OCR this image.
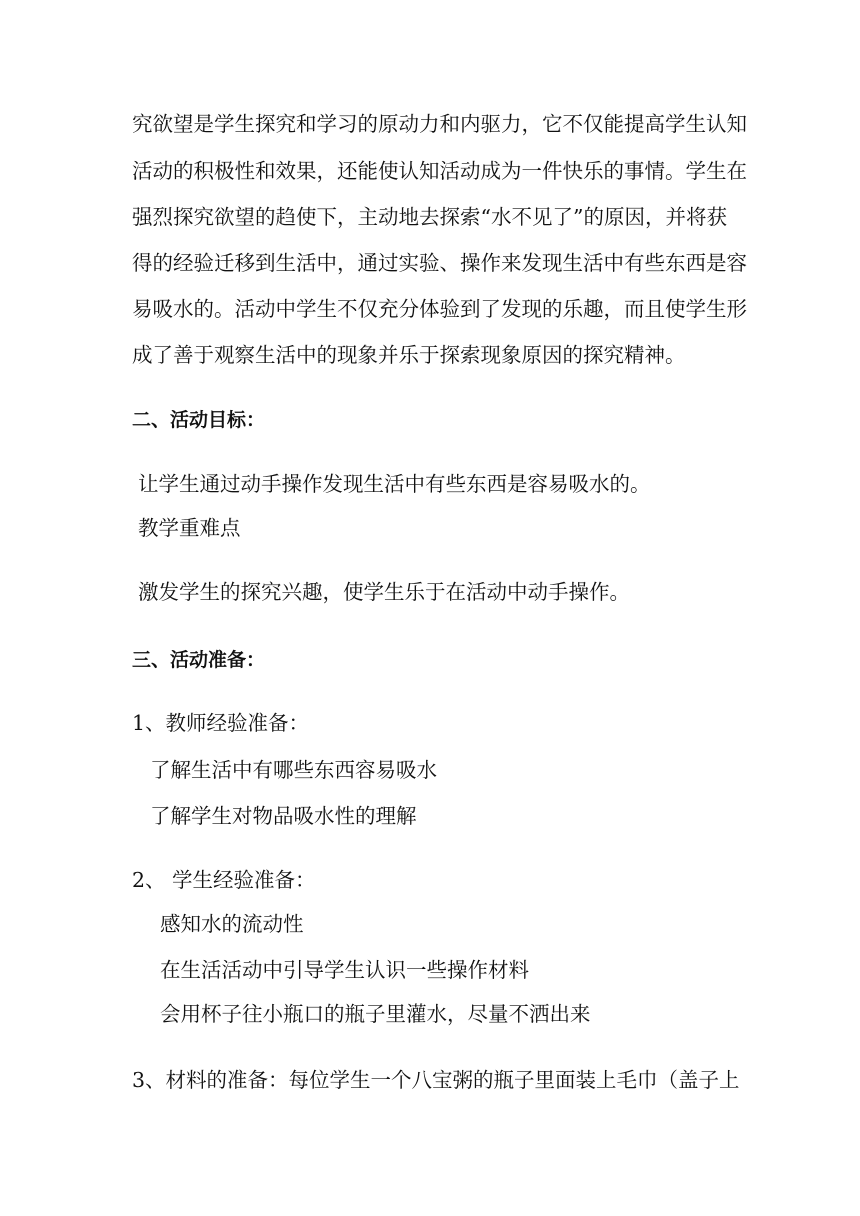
究欲望是学生探究和学习的原动力和内驱力，它不仅能提高学生认知
活动的积极性和效果，还能使认知活动成为一件快乐的事情。学生在
强烈探究欲望的趋使下，主动地去探索“水不见了”的原因，并将获
得的经验迁移到生活中，通过实验、操作来发现生活中有些东西是容
易吸水的。活动中学生不仅充分体验到了发现的乐趣，而且使学生形
成了善于观察生活中的现象并乐于探索现象原因的探究精神。
二、活动目标：
让学生通过动手操作发现生活中有些东西是容易吸水的。
教学重难点
激发学生的探究兴趣，使学生乐于在活动中动手操作。
三、活动准备：
1、教师经验准备：
了解生活中有哪些东西容易吸水
了解学生对物品吸水性的理解
2、 学生经验准备：
感知水的流动性
在生活活动中引导学生认识一些操作材料
会用杯子往小瓶口的瓶子里灌水，尽量不洒出来
3、材料的准备：每位学生一个八宝粥的瓶子里面装上毛巾（盖子上
